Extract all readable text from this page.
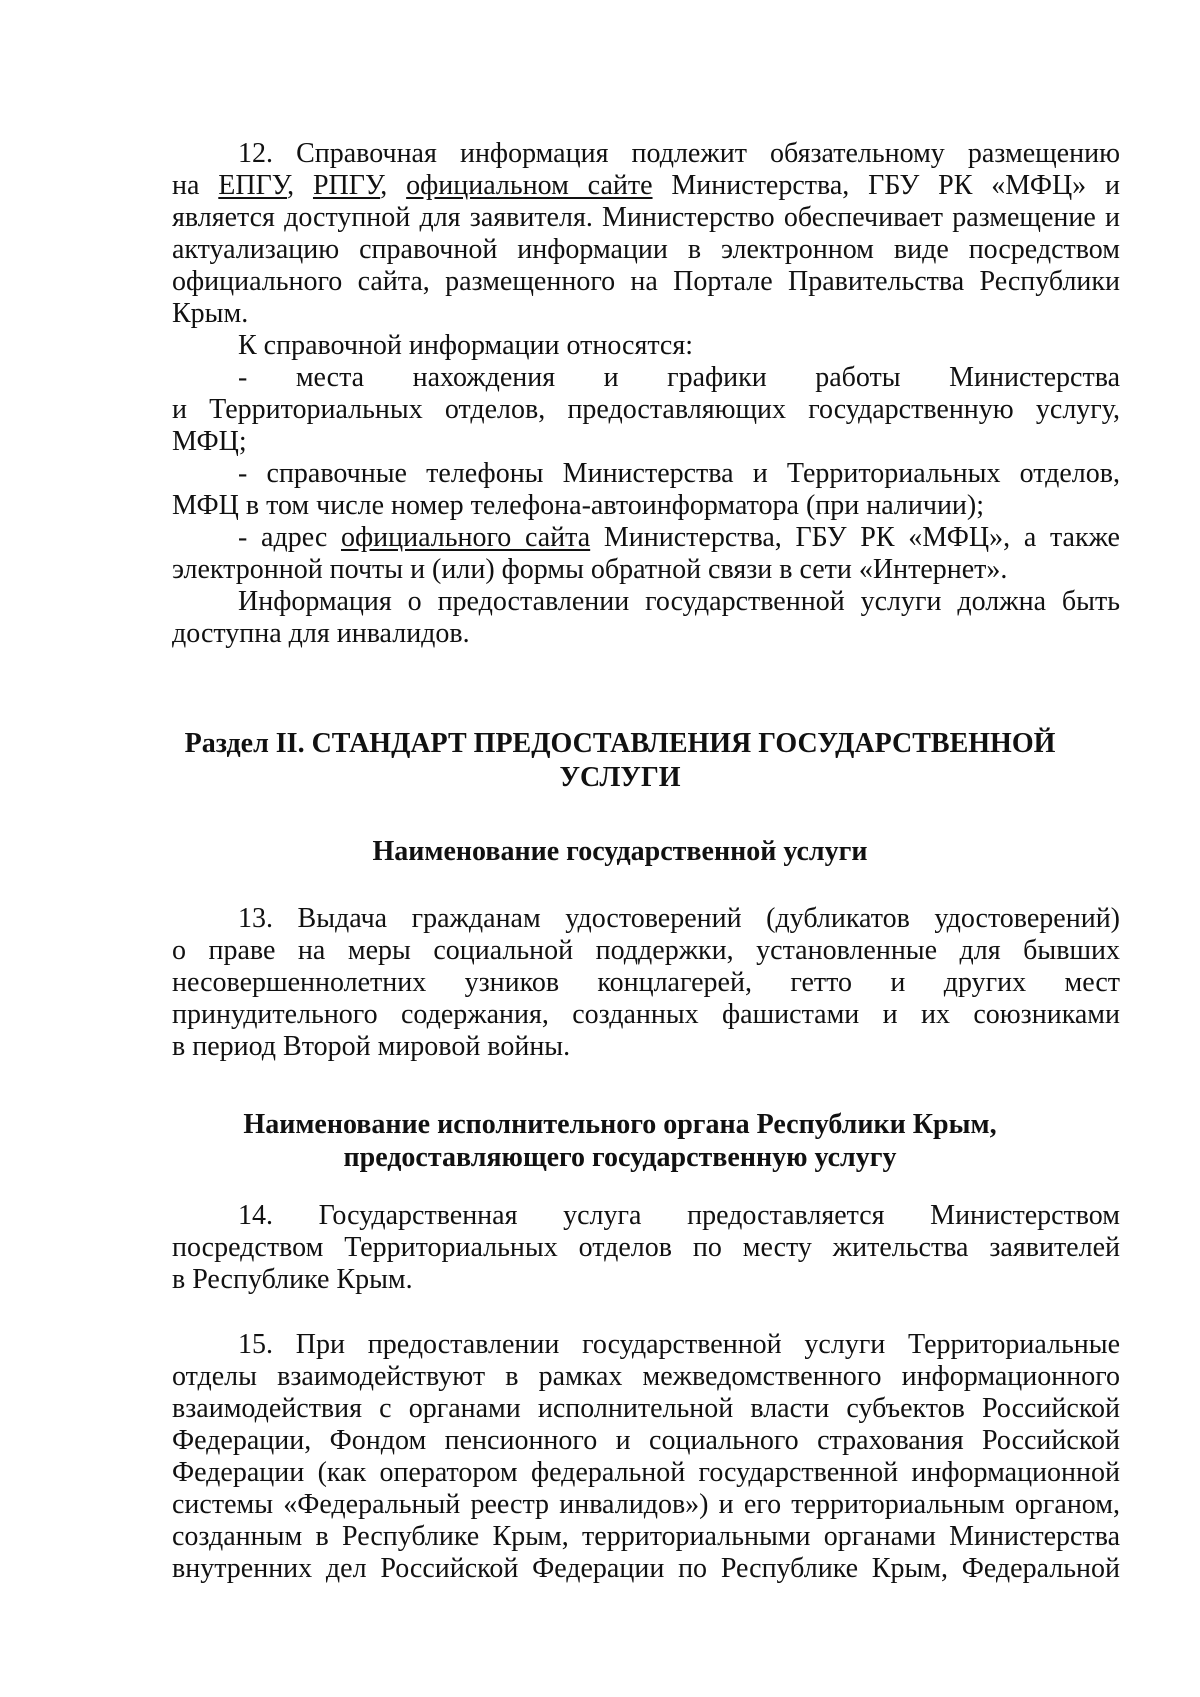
12. Справочная информация подлежит обязательному размещению
на ЕПГУ, РПГУ, официальном сайте Министерства, ГБУ РК «МФЦ» и
является доступной для заявителя. Министерство обеспечивает размещение и
актуализацию справочной информации в электронном виде посредством
официального сайта, размещенного на Портале Правительства Республики
Крым.
К справочной информации относятся:
- места нахождения и графики работы Министерства
и Территориальных отделов, предоставляющих государственную услугу,
МФЦ;
- справочные телефоны Министерства и Территориальных отделов,
МФЦ в том числе номер телефона-автоинформатора (при наличии);
- адрес официального сайта Министерства, ГБУ РК «МФЦ», а также
электронной почты и (или) формы обратной связи в сети «Интернет».
Информация о предоставлении государственной услуги должна быть
доступна для инвалидов.
Раздел II. СТАНДАРТ ПРЕДОСТАВЛЕНИЯ ГОСУДАРСТВЕННОЙ
УСЛУГИ
Наименование государственной услуги
13. Выдача гражданам удостоверений (дубликатов удостоверений)
о праве на меры социальной поддержки, установленные для бывших
несовершеннолетних узников концлагерей, гетто и других мест
принудительного содержания, созданных фашистами и их союзниками
в период Второй мировой войны.
Наименование исполнительного органа Республики Крым,
предоставляющего государственную услугу
14. Государственная услуга предоставляется Министерством
посредством Территориальных отделов по месту жительства заявителей
в Республике Крым.
15. При предоставлении государственной услуги Территориальные
отделы взаимодействуют в рамках межведомственного информационного
взаимодействия с органами исполнительной власти субъектов Российской
Федерации, Фондом пенсионного и социального страхования Российской
Федерации (как оператором федеральной государственной информационной
системы «Федеральный реестр инвалидов») и его территориальным органом,
созданным в Республике Крым, территориальными органами Министерства
внутренних дел Российской Федерации по Республике Крым, Федеральной
